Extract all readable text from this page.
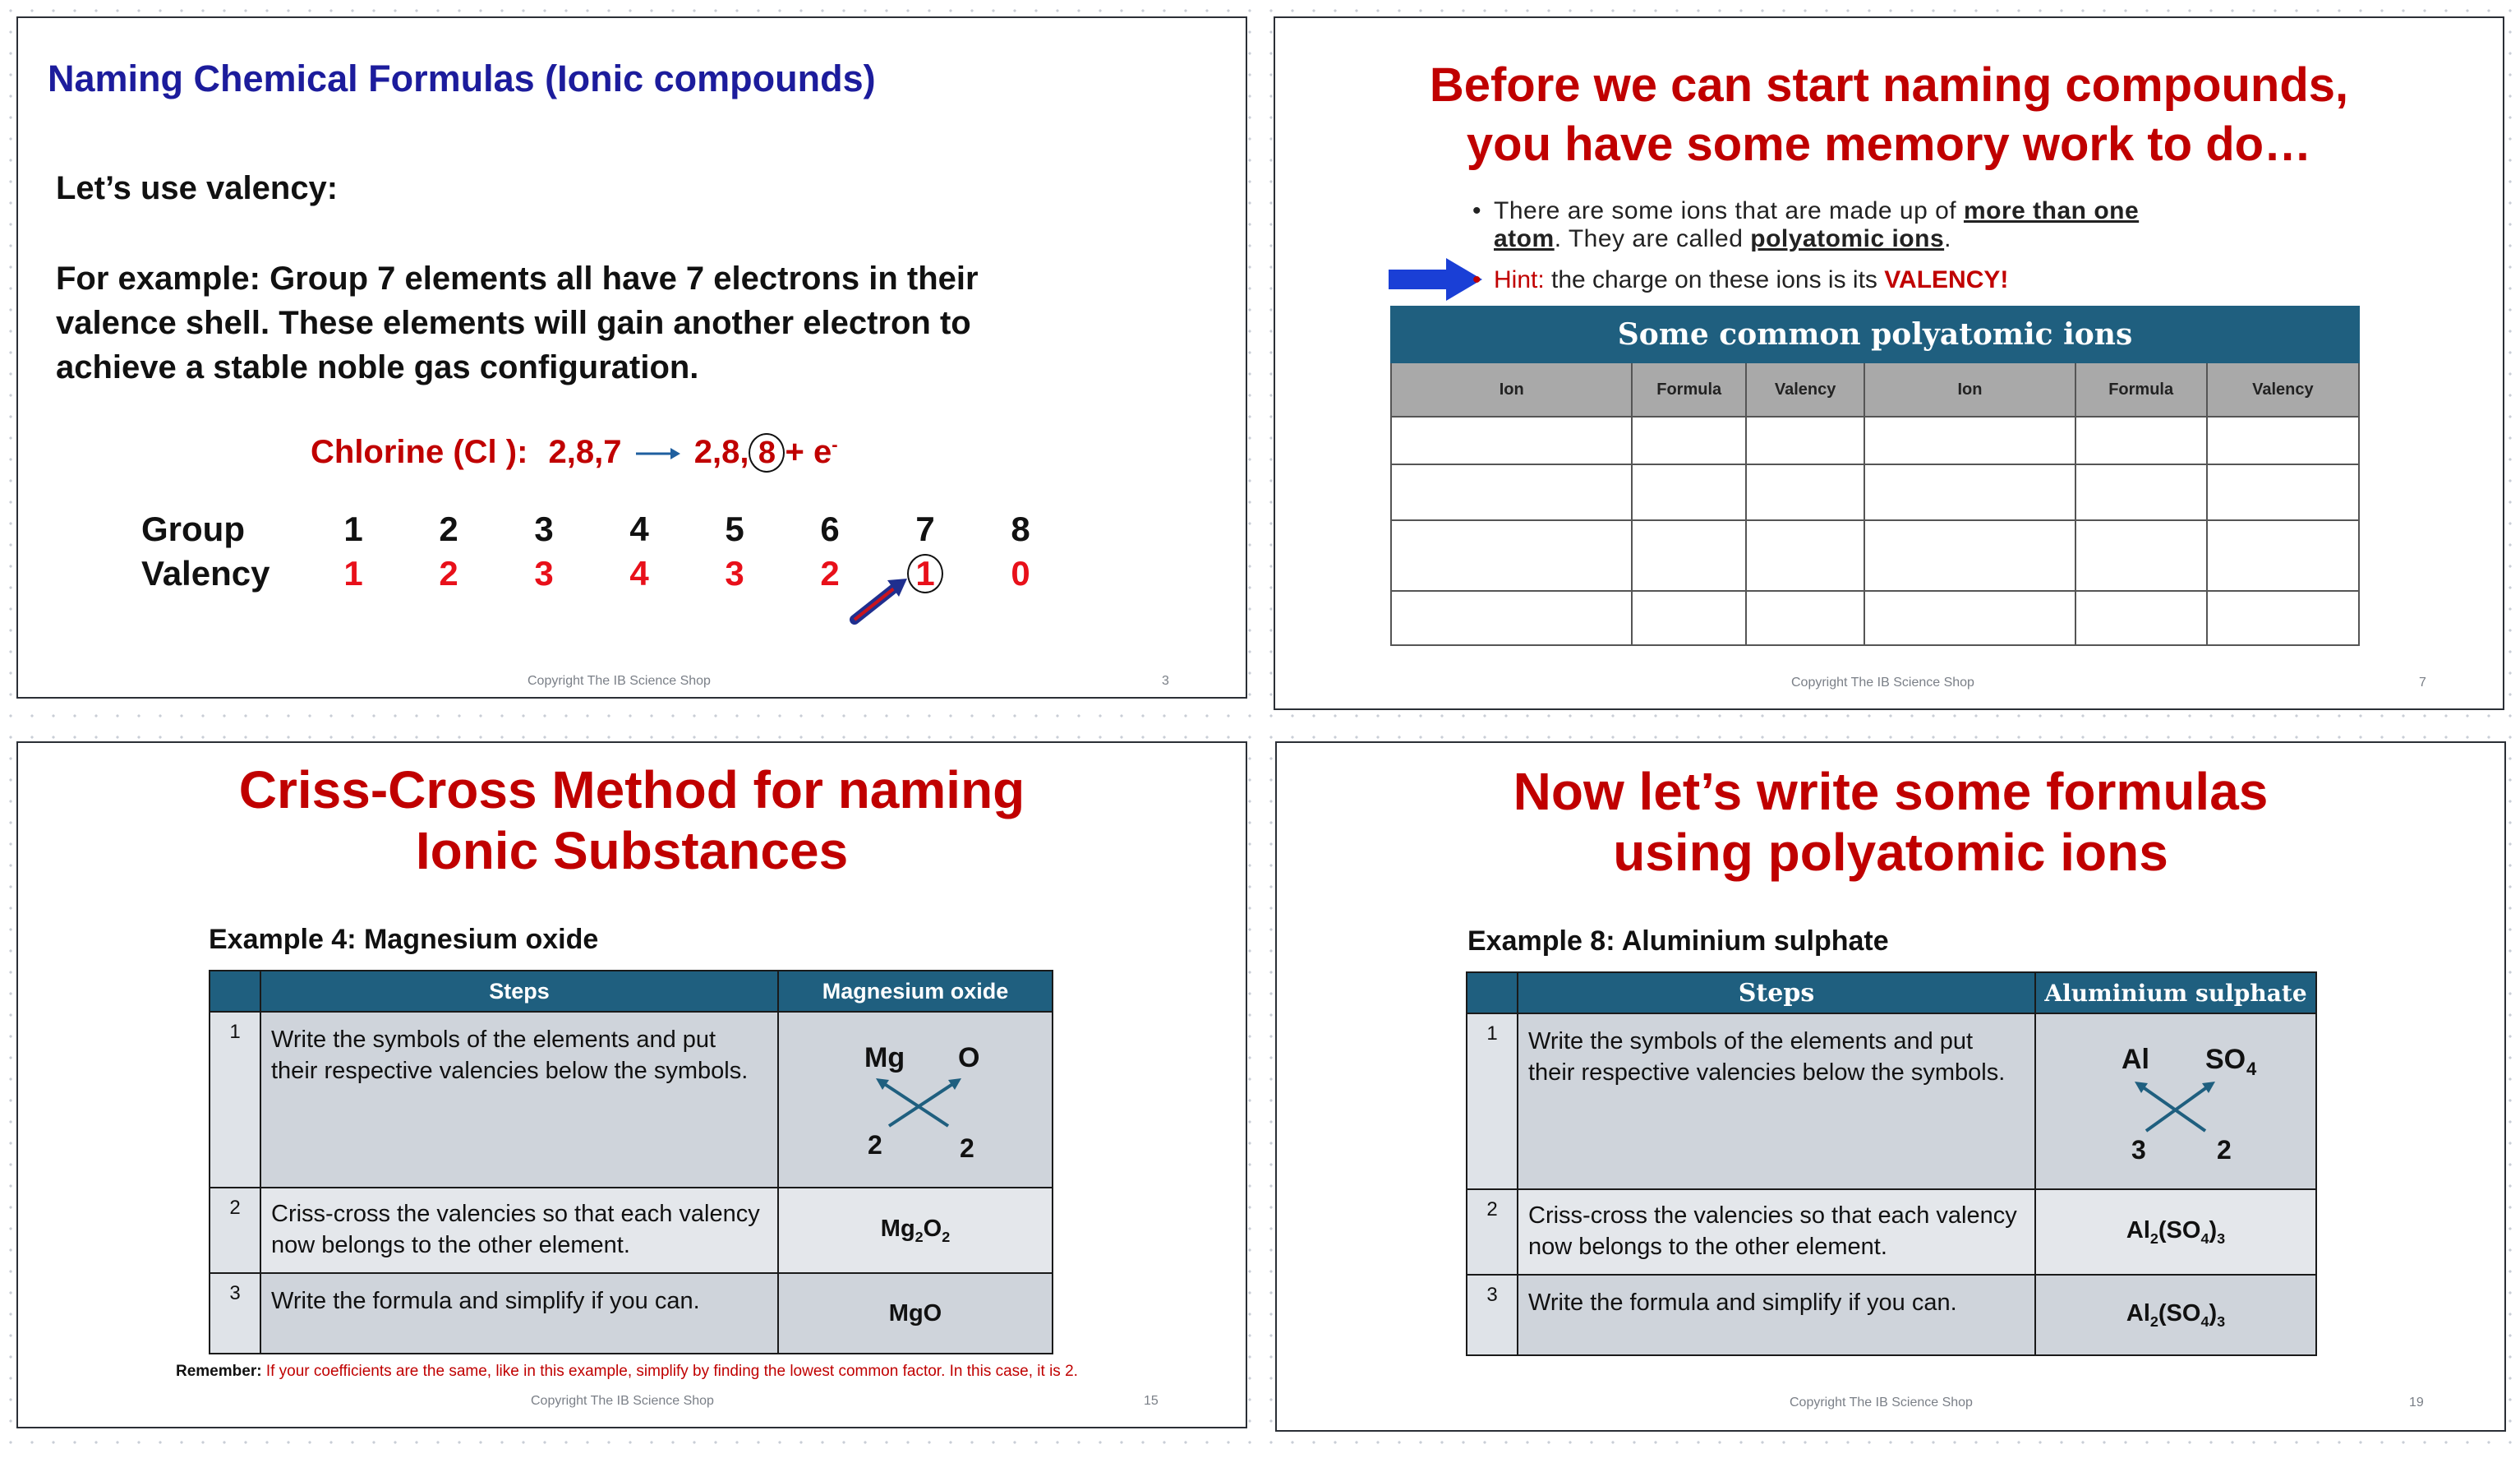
Naming Chemical Formulas (Ionic compounds)
Let’s use valency:
For example: Group 7 elements all have 7 electrons in their
valence shell. These elements will gain another electron to
achieve a stable noble gas configuration.
Chlorine (Cl ): 2,8,7 → 2,8, 8 + e-
Group	1	2	3	4	5	6	7	8
Valency	1	2	3	4	3	2	1	0
Copyright The IB Science Shop	3
Before we can start naming compounds,
you have some memory work to do…
• There are some ions that are made up of more than one
atom. They are called polyatomic ions.
• Hint: the charge on these ions is its VALENCY!
Some common polyatomic ions					
Ion	Formula	Valency	Ion	Formula	Valency

Copyright The IB Science Shop	7
Criss-Cross Method for naming
Ionic Substances
Example 4: Magnesium oxide
	Steps	Magnesium oxide
1	Write the symbols of the elements and put their respective valencies below the symbols.	Mg O
2 2

2	Criss-cross the valencies so that each valency now belongs to the other element.	$Mg_2O_2$
3	Write the formula and simplify if you can.	MgO
Remember: If your coefficients are the same, like in this example, simplify by finding the lowest common factor. In this case, it is 2.
Copyright The IB Science Shop	15
Now let’s write some formulas
using polyatomic ions
Example 8: Aluminium sulphate
	Steps	Aluminium sulphate
1	Write the symbols of the elements and put their respective valencies below the symbols.	Al SO 4
3 2

2	Criss-cross the valencies so that each valency now belongs to the other element.	$Al_2(SO_4)_3$
3	Write the formula and simplify if you can.	$Al_2(SO_4)_3$
Copyright The IB Science Shop	19
